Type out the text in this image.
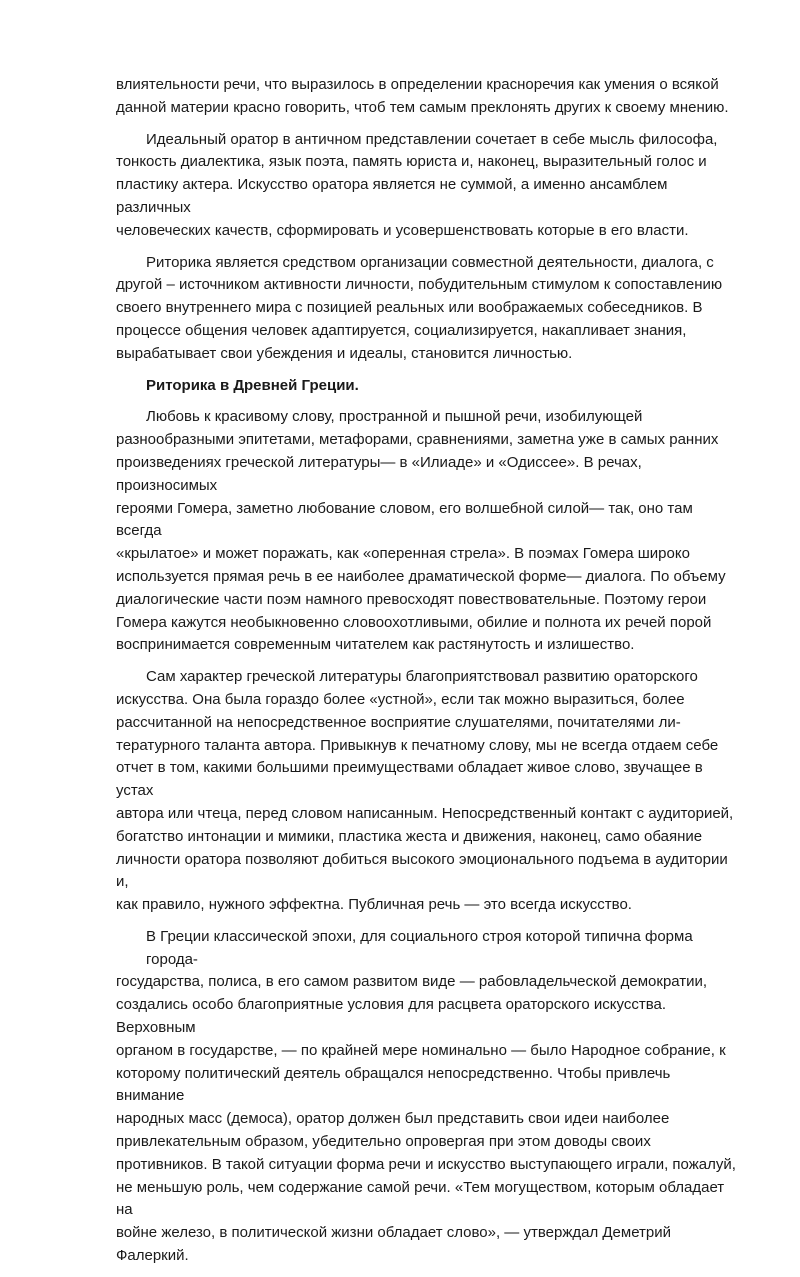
влиятельности речи, что выразилось в определении красноречия как умения о всякой
данной материи красно говорить, чтоб тем самым преклонять других к своему мнению.
Идеальный оратор в античном представлении сочетает в себе мысль философа,
тонкость диалектика, язык поэта, память юриста и, наконец, выразительный голос и
пластику актера. Искусство оратора является не суммой, а именно ансамблем различных
человеческих качеств, сформировать и усовершенствовать которые в его власти.
Риторика является средством организации совместной деятельности, диалога, с
другой – источником активности личности, побудительным стимулом к сопоставлению
своего внутреннего мира с позицией реальных или воображаемых собеседников. В
процессе общения человек адаптируется, социализируется, накапливает знания,
вырабатывает свои убеждения и идеалы, становится личностью.
Риторика в Древней Греции.
Любовь к красивому слову, пространной и пышной речи, изобилующей
разнообразными эпитетами, метафорами, сравнениями, заметна уже в самых ранних
произведениях греческой литературы— в «Илиаде» и «Одиссее». В речах, произносимых
героями Гомера, заметно любование словом, его волшебной силой— так, оно там всегда
«крылатое» и может поражать, как «оперенная стрела». В поэмах Гомера широко
используется прямая речь в ее наиболее драматической форме— диалога. По объему
диалогические части поэм намного превосходят повествовательные. Поэтому герои
Гомера кажутся необыкновенно словоохотливыми, обилие и полнота их речей порой
воспринимается современным читателем как растянутость и излишество.
Сам характер греческой литературы благоприятствовал развитию ораторского
искусства. Она была гораздо более «устной», если так можно выразиться, более
рассчитанной на непосредственное восприятие слушателями, почитателями ли-
тературного таланта автора. Привыкнув к печатному слову, мы не всегда отдаем себе
отчет в том, какими большими преимуществами обладает живое слово, звучащее в устах
автора или чтеца, перед словом написанным. Непосредственный контакт с аудиторией,
богатство интонации и мимики, пластика жеста и движения, наконец, само обаяние
личности оратора позволяют добиться высокого эмоционального подъема в аудитории и,
как правило, нужного эффектна. Публичная речь — это всегда искусство.
В Греции классической эпохи, для социального строя которой типична форма города-
государства, полиса, в его самом развитом виде — рабовладельческой демократии,
создались особо благоприятные условия для расцвета ораторского искусства. Верховным
органом в государстве, — по крайней мере номинально — было Народное собрание, к
которому политический деятель обращался непосредственно. Чтобы привлечь внимание
народных масс (демоса), оратор должен был представить свои идеи наиболее
привлекательным образом, убедительно опровергая при этом доводы своих
противников. В такой ситуации форма речи и искусство выступающего играли, пожалуй,
не меньшую роль, чем содержание самой речи. «Тем могуществом, которым обладает на
войне железо, в политической жизни обладает слово», — утверждал Деметрий Фалеркий.
